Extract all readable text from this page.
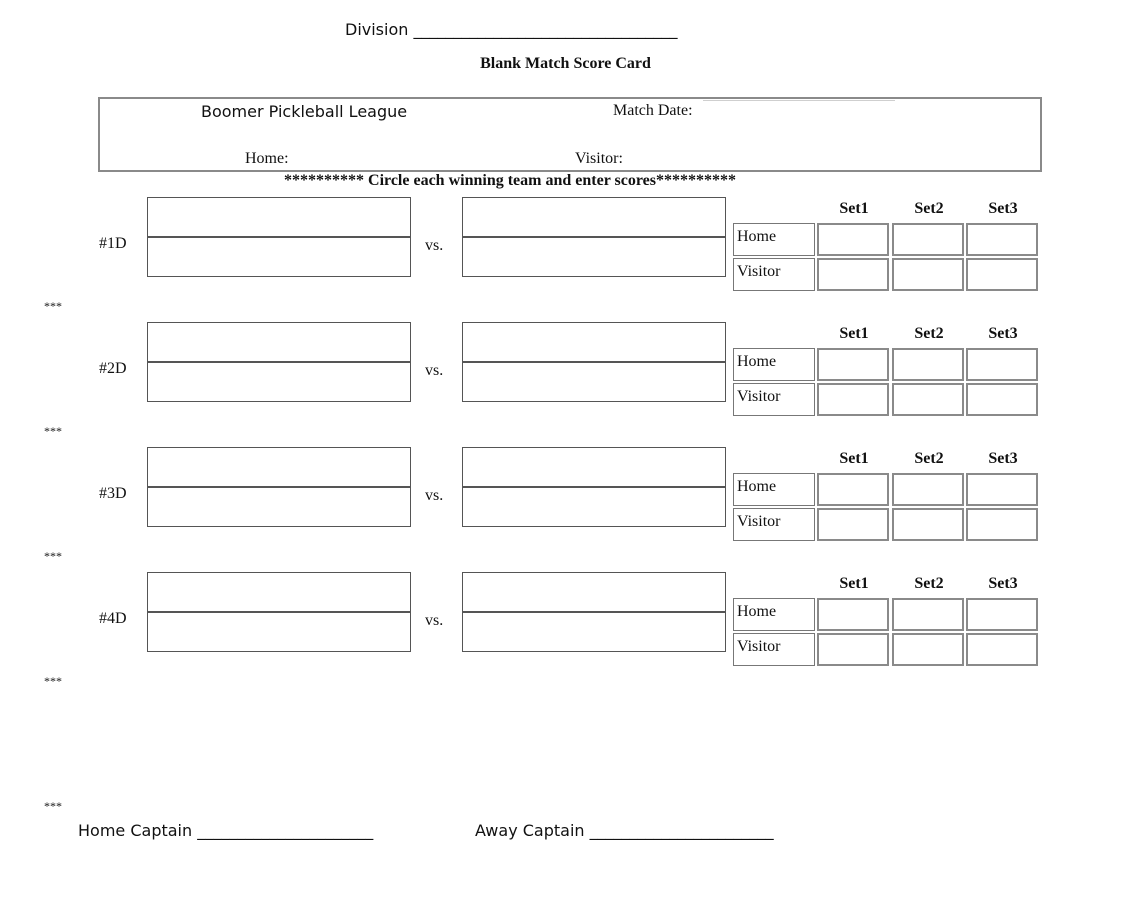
Division _________________________________
Blank Match Score Card
Boomer Pickleball League	Match Date:
Home:	Visitor:
********** Circle each winning team and enter scores**********
#1D	vs.
Set1	Set2	Set3
Home
Visitor
***
#2D	vs.
Set1	Set2	Set3
Home
Visitor
***
#3D	vs.
Set1	Set2	Set3
Home
Visitor
***
#4D	vs.
Set1	Set2	Set3
Home
Visitor
***
***
Home Captain ______________________	Away Captain _______________________
